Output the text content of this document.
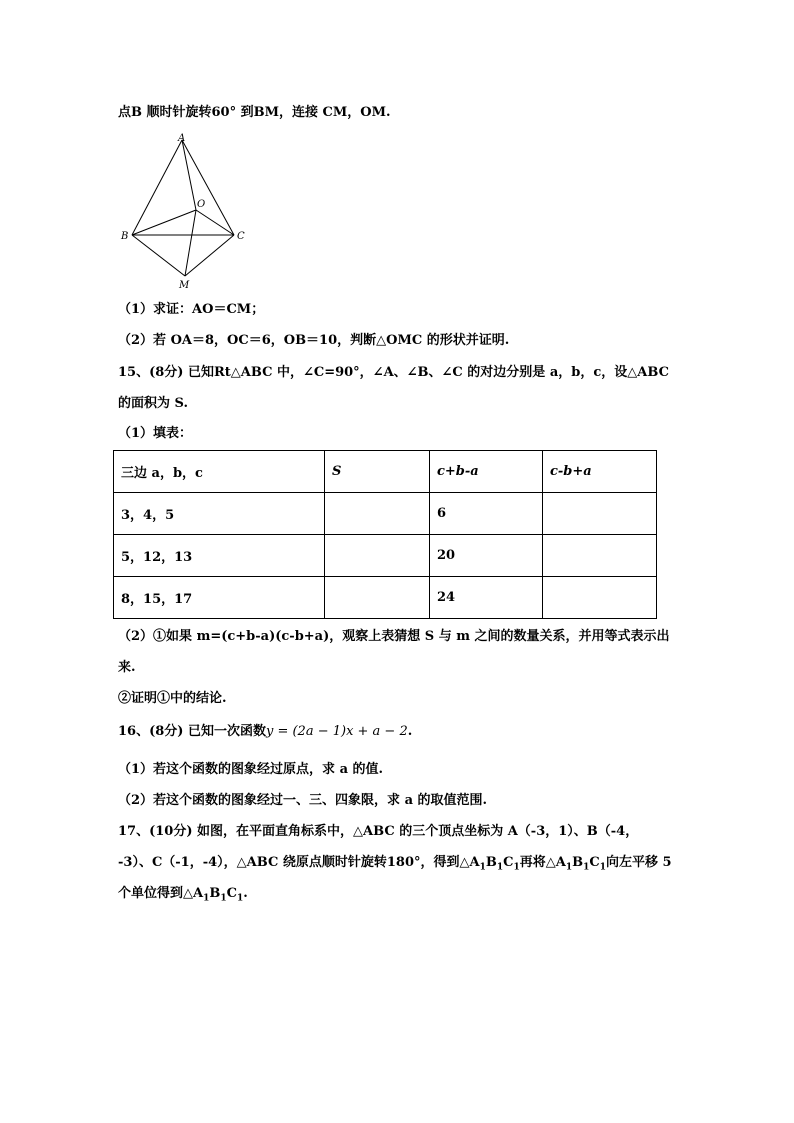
点B 顺时针旋转60° 到BM，连接 CM，OM.
A
O
B	C
M
（1）求证：AO＝CM；
（2）若 OA＝8，OC＝6，OB＝10，判断△OMC 的形状并证明.
15、(8分) 已知Rt△ABC 中，∠C=90°，∠A、∠B、∠C 的对边分别是 a，b，c，设△ABC
的面积为 S.
（1）填表：
三边 a，b，c	S	c+b-a	c-b+a
3，4，5		6	
5，12，13		20	
8，15，17		24	
（2）①如果 m=(c+b-a)(c-b+a)，观察上表猜想 S 与 m 之间的数量关系，并用等式表示出
来.
②证明①中的结论.
16、(8分) 已知一次函数y = (2a − 1)x + a − 2.
（1）若这个函数的图象经过原点，求 a 的值.
（2）若这个函数的图象经过一、三、四象限，求 a 的取值范围.
17、(10分) 如图，在平面直角标系中，△ABC 的三个顶点坐标为 A（-3，1）、B（-4，
-3）、C（-1，-4），△ABC 绕原点顺时针旋转180°，得到$\triangle A_1B_1C_1$再将$\triangle A_1B_1C_1$向左平移 5
个单位得到$\triangle A_1B_1C_1$.
